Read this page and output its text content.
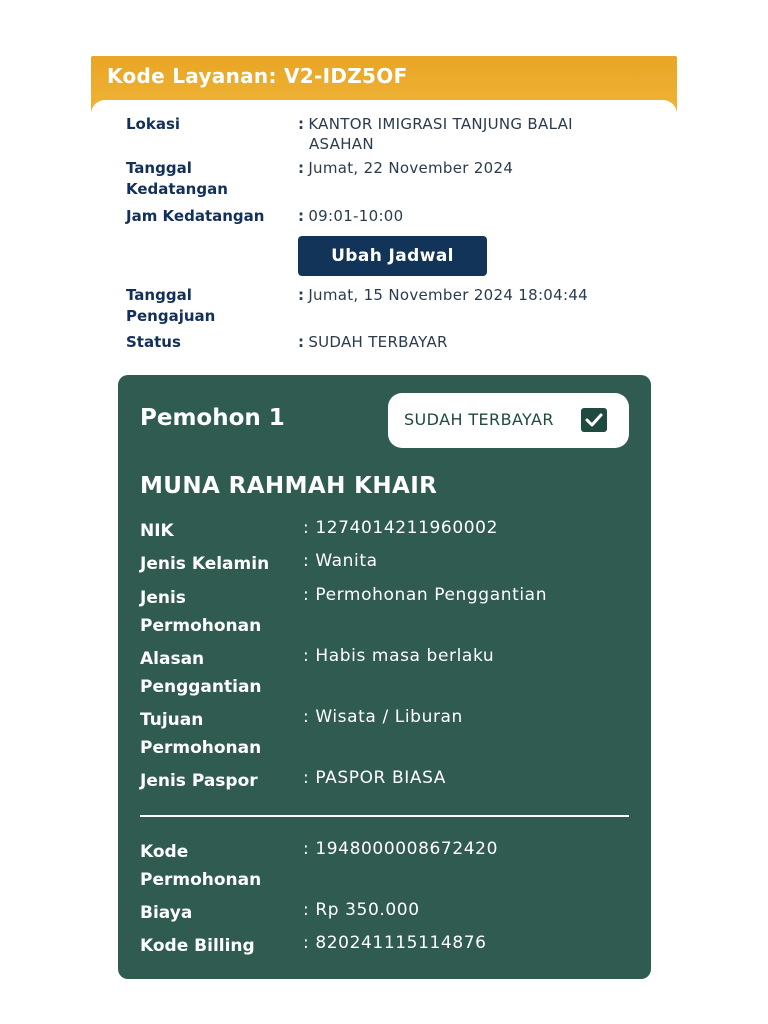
Kode Layanan: V2-IDZ5OF
Lokasi	: KANTOR IMIGRASI TANJUNG BALAI
ASAHAN
Tanggal
Kedatangan
: Jumat, 22 November 2024
Jam Kedatangan	: 09:01-10:00
Ubah Jadwal
Tanggal
Pengajuan
: Jumat, 15 November 2024 18:04:44
Status	: SUDAH TERBAYAR
Pemohon 1	SUDAH TERBAYAR
MUNA RAHMAH KHAIR
NIK	: 1274014211960002
Jenis Kelamin	: Wanita
Jenis
Permohonan
: Permohonan Penggantian
Alasan
Penggantian
: Habis masa berlaku
Tujuan
Permohonan
: Wisata / Liburan
Jenis Paspor	: PASPOR BIASA
Kode
Permohonan
: 1948000008672420
Biaya	: Rp 350.000
Kode Billing	: 820241115114876
